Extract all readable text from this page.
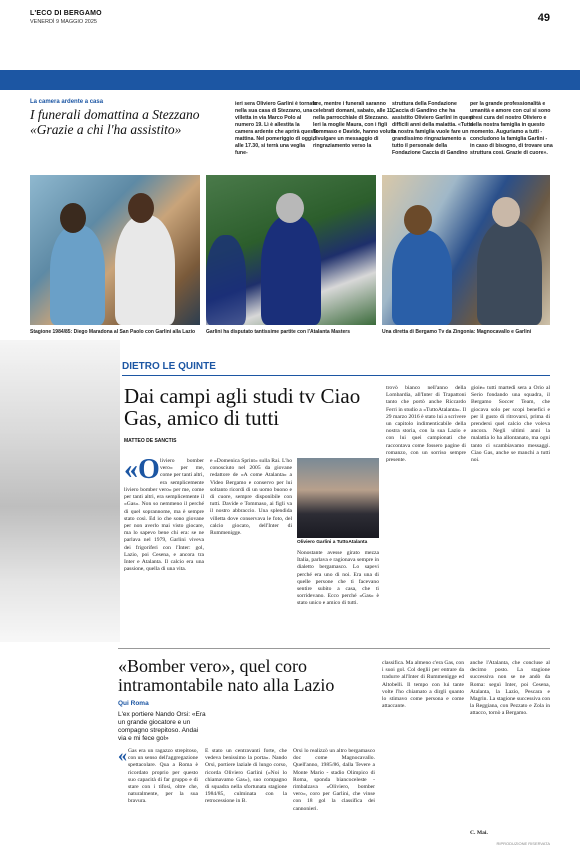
L'ECO DI BERGAMO
VENERDÌ 9 MAGGIO 2025	49
La camera ardente a casa
I funerali domattina a Stezzano «Grazie a chi l'ha assistito»
ieri sera Oliviero Garlini è tornato nella sua casa di Stezzano, una villetta in via Marco Polo al numero 19. Lì è allestita la camera ardente che aprirà questa mattina. Nel pomeriggio di oggi, alle 17.30, si terrà una veglia fune-
bre, mentre i funerali saranno celebrati domani, sabato, alle 11, nella parrocchiale di Stezzano. Ieri la moglie Maura, con i figli Tommaso e Davide, hanno voluto divulgare un messaggio di ringraziamento verso la
struttura della Fondazione Caccia di Gandino che ha assistito Oliviero Garlini in questi difficili anni della malattia. «Tutta la nostra famiglia vuole fare un grandissimo ringraziamento a tutto il personale della Fondazione Caccia di Gandino
per la grande professionalità e umanità e amore con cui si sono presi cura del nostro Oliviero e della nostra famiglia in questo momento. Auguriamo a tutti - concludono la famiglia Garlini - in caso di bisogno, di trovare una struttura così. Grazie di cuore».
Stagione 1984/85: Diego Maradona al San Paolo con Garlini alla Lazio Garlini ha disputato tantissime partite con l'Atalanta Masters	Una diretta di Bergamo Tv da Zingonia: Magnocavallo e Garlini
DIETRO LE QUINTE
Dai campi agli studi tv Ciao Gas, amico di tutti
MATTEO DE SANCTIS
«O liviero bomber vero» per me, come per tanti altri, era semplicemente
liviero bomber vero» per me, come per tanti altri, era semplicemente il «Gas». Non so nemmeno il perché di quel soprannome, ma è sempre stato così. Ed io che sono giovane per non averlo mai visto giocare, ma lo sapevo bene chi era: se ne parlava nel 1979, Garlini viveva dei frigoriferi con l'Inter: gol, Lazio, poi Cesena, e ancora tra Inter e Atalanta. Il calcio era una passione, quella di una vita.
e «Domenica Sprint» sulla Rai. L'ho conosciuto nel 2005 da giovane redattore de «A come Atalanta» a Video Bergamo e conservo per lui soltanto ricordi di un uomo buono e di cuore, sempre disponibile con tutti. Davide e Tommaso, ai figli va il nostro abbraccio. Una splendida villetta dove conservava le foto, del calcio giocato, dell'Inter di Rummenigge.
Oliviero Garlini a TuttoAtalanta
Nonostante avesse girato mezza Italia, parlava e ragionava sempre in dialetto bergamasco. Lo sapevi perché era uno di noi. Era una di quelle persone che ti facevano sentire subito a casa, che ti sorridevano. Ecco perché «Gas» è stato unico e amico di tutti.
trovò bianco nell'anno della Lombardia, all'Inter di Trapattoni tanto che portò anche Riccardo Ferri in studio a «TuttoAtalanta». Il 29 marzo 2016 è stato lui a scrivere un capitolo indimenticabile della nostra storia, con la sua Lazio e con lui quei campionati che raccontava come fossero pagine di romanzo, con un sorriso sempre presente.
gioie» tutti martedì sera a Orio al Serio fondando una squadra, il Bergamo Soccer Team, che giocava solo per scopi benefici e per il gusto di ritrovarsi, prima di prendersi quel calcio che voleva ancora. Negli ultimi anni la malattia lo ha allontanato, ma ogni tanto ci scambiavamo messaggi. Ciao Gas, anche se manchi a tutti noi.
«Bomber vero», quel coro intramontabile nato alla Lazio
Qui Roma
L'ex portiere Nando Orsi: «Era un grande giocatore e un compagno strepitoso. Andai via e mi fece gol»
« Gas era un ragazzo strepitoso, con un senso dell'aggregazione spettacolare. Qua a Roma è ricordato proprio per questo suo capacità di far gruppo e di stare con i tifosi, oltre che, naturalmente, per la sua bravura.
È stato un centravanti forte, che vedeva benissimo la porta». Nando Orsi, portiere laziale di lungo corso, ricorda Oliviero Garlini («Noi lo chiamavamo Gas»), suo compagno di squadra nella sfortunata stagione 1984/85, culminata con la retrocessione in B.
Orsi lo realizzò un altro bergamasco doc come Magnocavallo. Quell'anno, 1985/86, dalla Tevere a Monte Mario - stadio Olimpico di Roma, sponda biancoceleste - rimbalzava «Oliviero, bomber vero», coro per Garlini, che vinse con 18 gol la classifica dei cannonieri.
classifica. Ma almeno c'era Gas, con i suoi gol. Col deglii per entrare da tradurre all'Inter di Rummenigge ed Altobelli. Il tempo con lui tante volte l'ho chiamato a dirgli quanto lo stimavo come persona e come attaccante.
anche l'Atalanta, che concluse al decimo posto. La stagione successiva non se ne andò da Roma: seguì Inter, poi Cesena, Atalanta, la Lazio, Pescara e Magrin. La stagione successiva con la Reggiana, con Pezzato e Zola in attacco, tornò a Bergamo.
C. Mai.
RIPRODUZIONE RISERVATA
